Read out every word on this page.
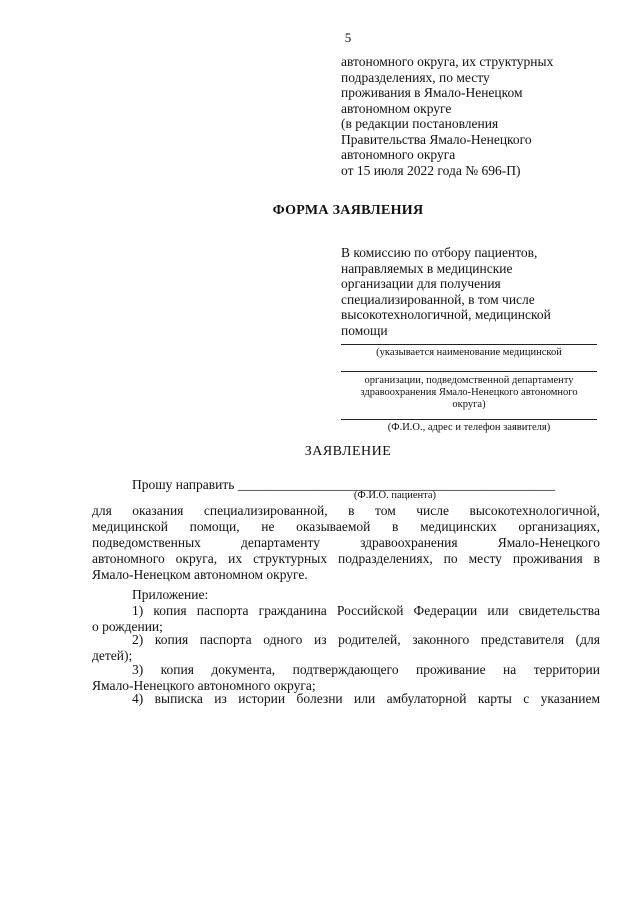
5
автономного округа, их структурных
подразделениях, по месту
проживания в Ямало-Ненецком
автономном округе
(в редакции постановления
Правительства Ямало-Ненецкого
автономного округа
от 15 июля 2022 года № 696-П)
ФОРМА ЗАЯВЛЕНИЯ
В комиссию по отбору пациентов,
направляемых в медицинские
организации для получения
специализированной, в том числе
высокотехнологичной, медицинской
помощи
(указывается наименование медицинской
организации, подведомственной департаменту
здравоохранения Ямало-Ненецкого автономного
округа)
(Ф.И.О., адрес и телефон заявителя)
ЗАЯВЛЕНИЕ
Прошу направить _______________________________________________
(Ф.И.О. пациента)
для оказания специализированной, в том числе высокотехнологичной,
медицинской помощи, не оказываемой в медицинских организациях,
подведомственных департаменту здравоохранения Ямало-Ненецкого
автономного округа, их структурных подразделениях, по месту проживания в
Ямало-Ненецком автономном округе.
Приложение:
1) копия паспорта гражданина Российской Федерации или свидетельства
о рождении;
2) копия паспорта одного из родителей, законного представителя (для
детей);
3) копия документа, подтверждающего проживание на территории
Ямало-Ненецкого автономного округа;
4) выписка из истории болезни или амбулаторной карты с указанием
